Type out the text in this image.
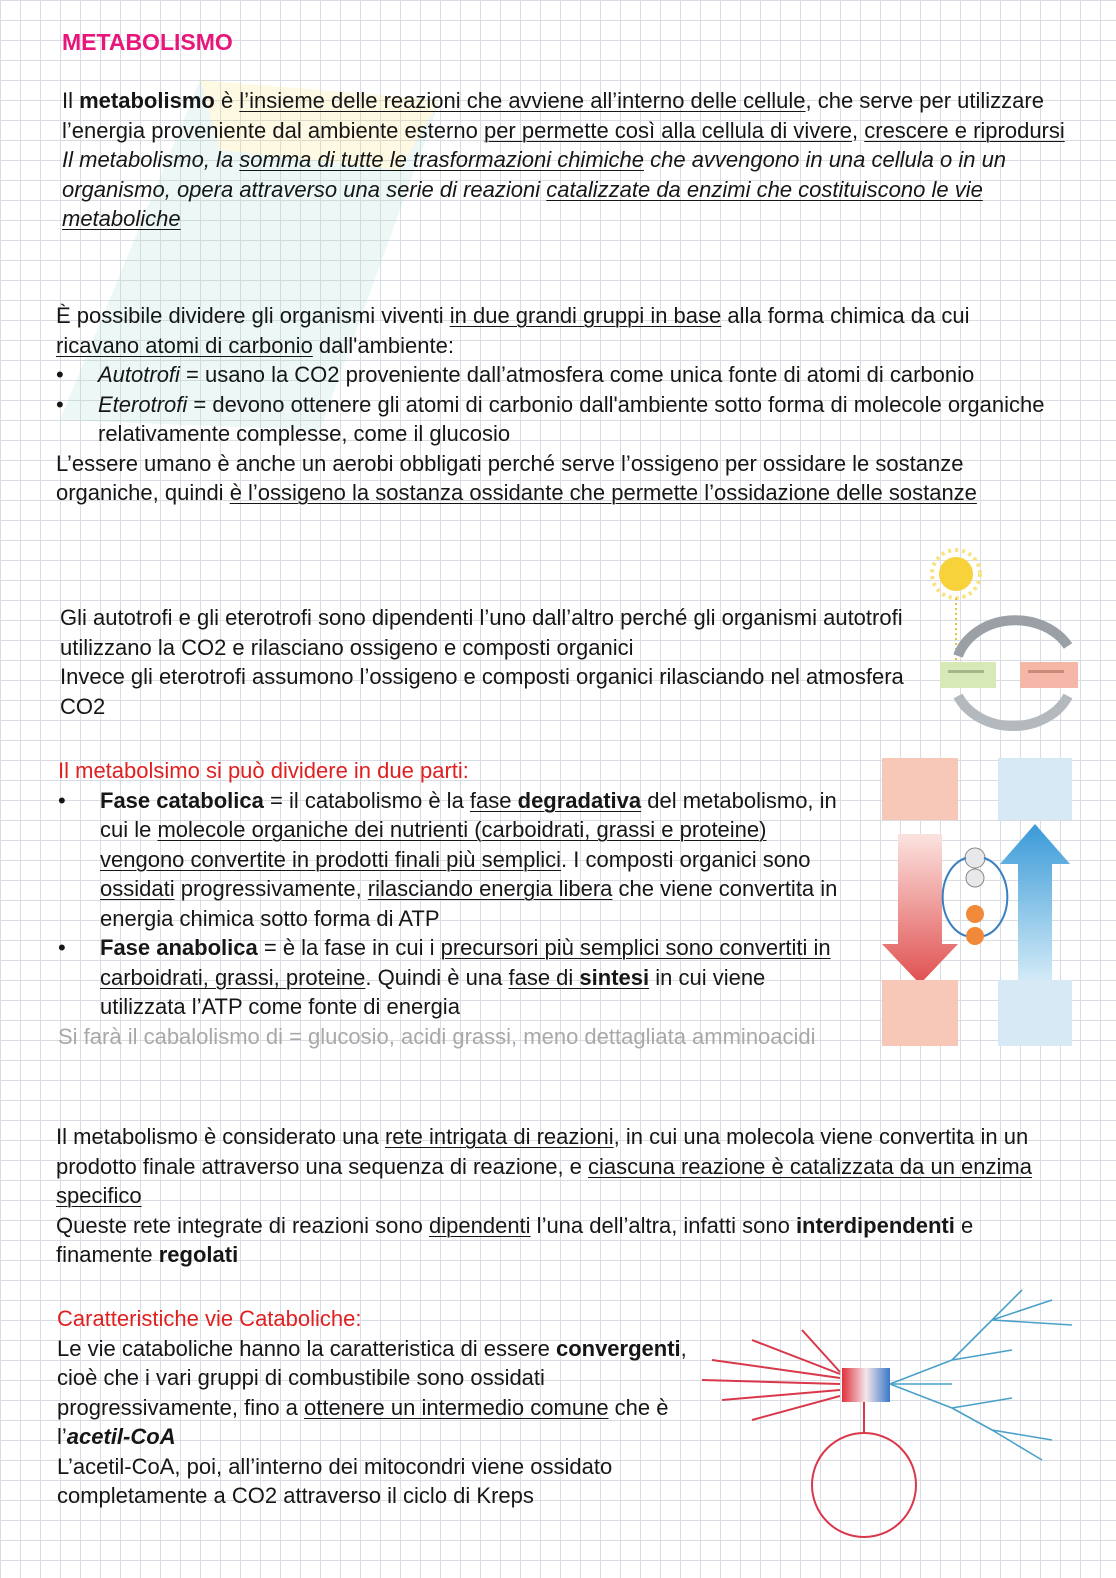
METABOLISMO

Il metabolismo è l’insieme delle reazioni che avviene all’interno delle cellule, che serve per utilizzare l’energia proveniente dal ambiente esterno per permette così alla cellula di vivere, crescere e riprodursi

Il metabolismo, la somma di tutte le trasformazioni chimiche che avvengono in una cellula o in un organismo, opera attraverso una serie di reazioni catalizzate da enzimi che costituiscono le vie metaboliche

È possibile dividere gli organismi viventi in due grandi gruppi in base alla forma chimica da cui ricavano atomi di carbonio dall'ambiente:

• Autotrofi = usano la CO2 proveniente dall’atmosfera come unica fonte di atomi di carbonio
• Eterotrofi = devono ottenere gli atomi di carbonio dall'ambiente sotto forma di molecole organiche relativamente complesse, come il glucosio

L’essere umano è anche un aerobi obbligati perché serve l’ossigeno per ossidare le sostanze organiche, quindi è l’ossigeno la sostanza ossidante che permette l’ossidazione delle sostanze

Gli autotrofi e gli eterotrofi sono dipendenti l’uno dall’altro perché gli organismi autotrofi utilizzano la CO2 e rilasciano ossigeno e composti organici

Invece gli eterotrofi assumono l’ossigeno e composti organici rilasciando nel atmosfera CO2

Il metabolsimo si può dividere in due parti:

• Fase catabolica = il catabolismo è la fase degradativa del metabolismo, in cui le molecole organiche dei nutrienti (carboidrati, grassi e proteine) vengono convertite in prodotti finali più semplici. I composti organici sono ossidati progressivamente, rilasciando energia libera che viene convertita in energia chimica sotto forma di ATP
• Fase anabolica = è la fase in cui i precursori più semplici sono convertiti in carboidrati, grassi, proteine. Quindi è una fase di sintesi in cui viene utilizzata l’ATP come fonte di energia

Si farà il cabalolismo di = glucosio, acidi grassi, meno dettagliata amminoacidi

Il metabolismo è considerato una rete intrigata di reazioni, in cui una molecola viene convertita in un prodotto finale attraverso una sequenza di reazione, e ciascuna reazione è catalizzata da un enzima specifico

Queste rete integrate di reazioni sono dipendenti l’una dell’altra, infatti sono interdipendenti e finamente regolati

Caratteristiche vie Cataboliche:

Le vie cataboliche hanno la caratteristica di essere convergenti, cioè che i vari gruppi di combustibile sono ossidati progressivamente, fino a ottenere un intermedio comune che è l’acetil-CoA

L’acetil-CoA, poi, all’interno dei mitocondri viene ossidato completamente a CO2 attraverso il ciclo di Kreps
